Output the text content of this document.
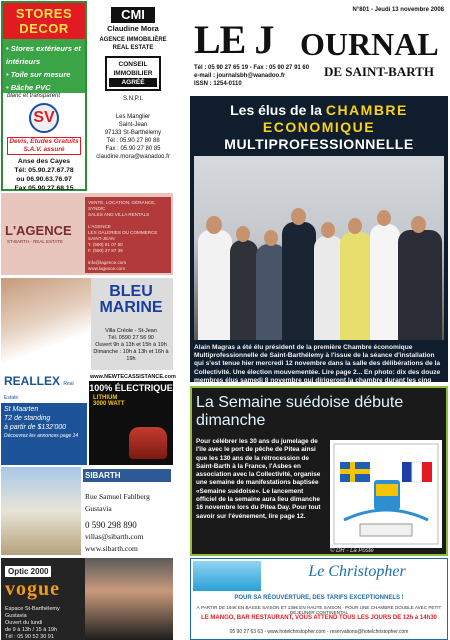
STORES DECOR
• Stores extérieurs et intérieurs
• Toile sur mesure
• Bâche PVC
blanc et transparent
SV
Devis, Etudes Gratuits S.A.V. assuré
Anse des Cayes
Tél: 05.90.27.67.78
ou 06.90.63.76.97
Fax 05.90.27.68.15
CMI
Claudine Mora
AGENCE IMMOBILIÈRE
REAL ESTATE
CONSEIL
IMMOBILIER
AGRÉÉ
S.N.P.I.
Les Manglier
Saint-Jean
97133 St-Barthélemy
Tél : 05.90 27 80 88
Fax : 05.90 27 80 85
claudine.mora@wanadoo.fr
L'AGENCE
ST-BARTH - REAL ESTATE
VENTE, LOCATION, GÉRANCE, SYNDIC
SALES AND VILLA RENTALS
L'AGENCE
LES GALERIES DU COMMERCE
SAINT-JEAN
T. (590) 51 07 50
F. (590) 27 87 39
info@lagence.com
www.lagence.com
BLEU MARINE
Villa Créole - St-Jean
Tél. 0590 27 56 90
Ouvert 9h à 13h et 15h à 19h
Dimanche : 10h à 13h et 16h à 19h
REALLEX Real Estate
St Maarten
T2 de standing
à partir de $132'000
Découvrez les annonces page 14
www.NEWTECASSISTANCE.com
100% ÉLECTRIQUE
LITHIUM
3000 WATT
SIBARTH
Rue Samuel Fahlberg
Gustavia
0 590 298 890
villas@sibarth.com
www.sibarth.com
Optic 2000
vogue
Espace St-Barthélemy
Gustavia
Ouvert du lundi
de 9 à 13h / 15 à 19h
Tél : 05 90 52 30 91
N°801 - Jeudi 13 novembre 2008
LE J OURNAL
Tél : 05 90 27 65 19 - Fax : 05 90 27 91 60
e-mail : journalsbh@wanadoo.fr
ISSN : 1254-0110
DE SAINT-BARTH
Les élus de la CHAMBRE
ECONOMIQUE
MULTIPROFESSIONNELLE
Alain Magras a été élu président de la première Chambre économique Multiprofessionnelle de Saint-Barthélemy à l'issue de la séance d'installation qui s'est tenue hier mercredi 12 novembre dans la salle des délibérations de la Collectivité. Une élection mouvementée. Lire page 2... En photo: dix des douze membres élus samedi 8 novembre qui dirigeront la chambre durant les cinq
La Semaine suédoise débute dimanche
Pour célébrer les 30 ans du jumelage de l'île avec le port de pêche de Pitea ainsi que les 130 ans de la rétrocession de Saint-Barth à la France, l'Asbes en association avec la Collectivité, organise une semaine de manifestations baptisée «Semaine suédoise». Le lancement officiel de la semaine aura lieu dimanche 16 novembre lors du Pitea Day. Pour tout savoir sur l'événement, lire page 12.
© DR - La Poste
Le Christopher
POUR SA RÉOUVERTURE, DES TARIFS EXCEPTIONNELS !
À PARTIR DE 194€ EN BASSE SAISON ET 136€ EN HAUTE SAISON · POUR UNE CHAMBRE DOUBLE AVEC PETIT DÉJEUNER CONTINENTAL
LE MANGO, BAR RESTAURANT, VOUS ATTEND TOUS LES JOURS DE 12h à 14h30
05 90 27 63 63 - www.hotelchristopher.com - reservations@hotelchristopher.com
